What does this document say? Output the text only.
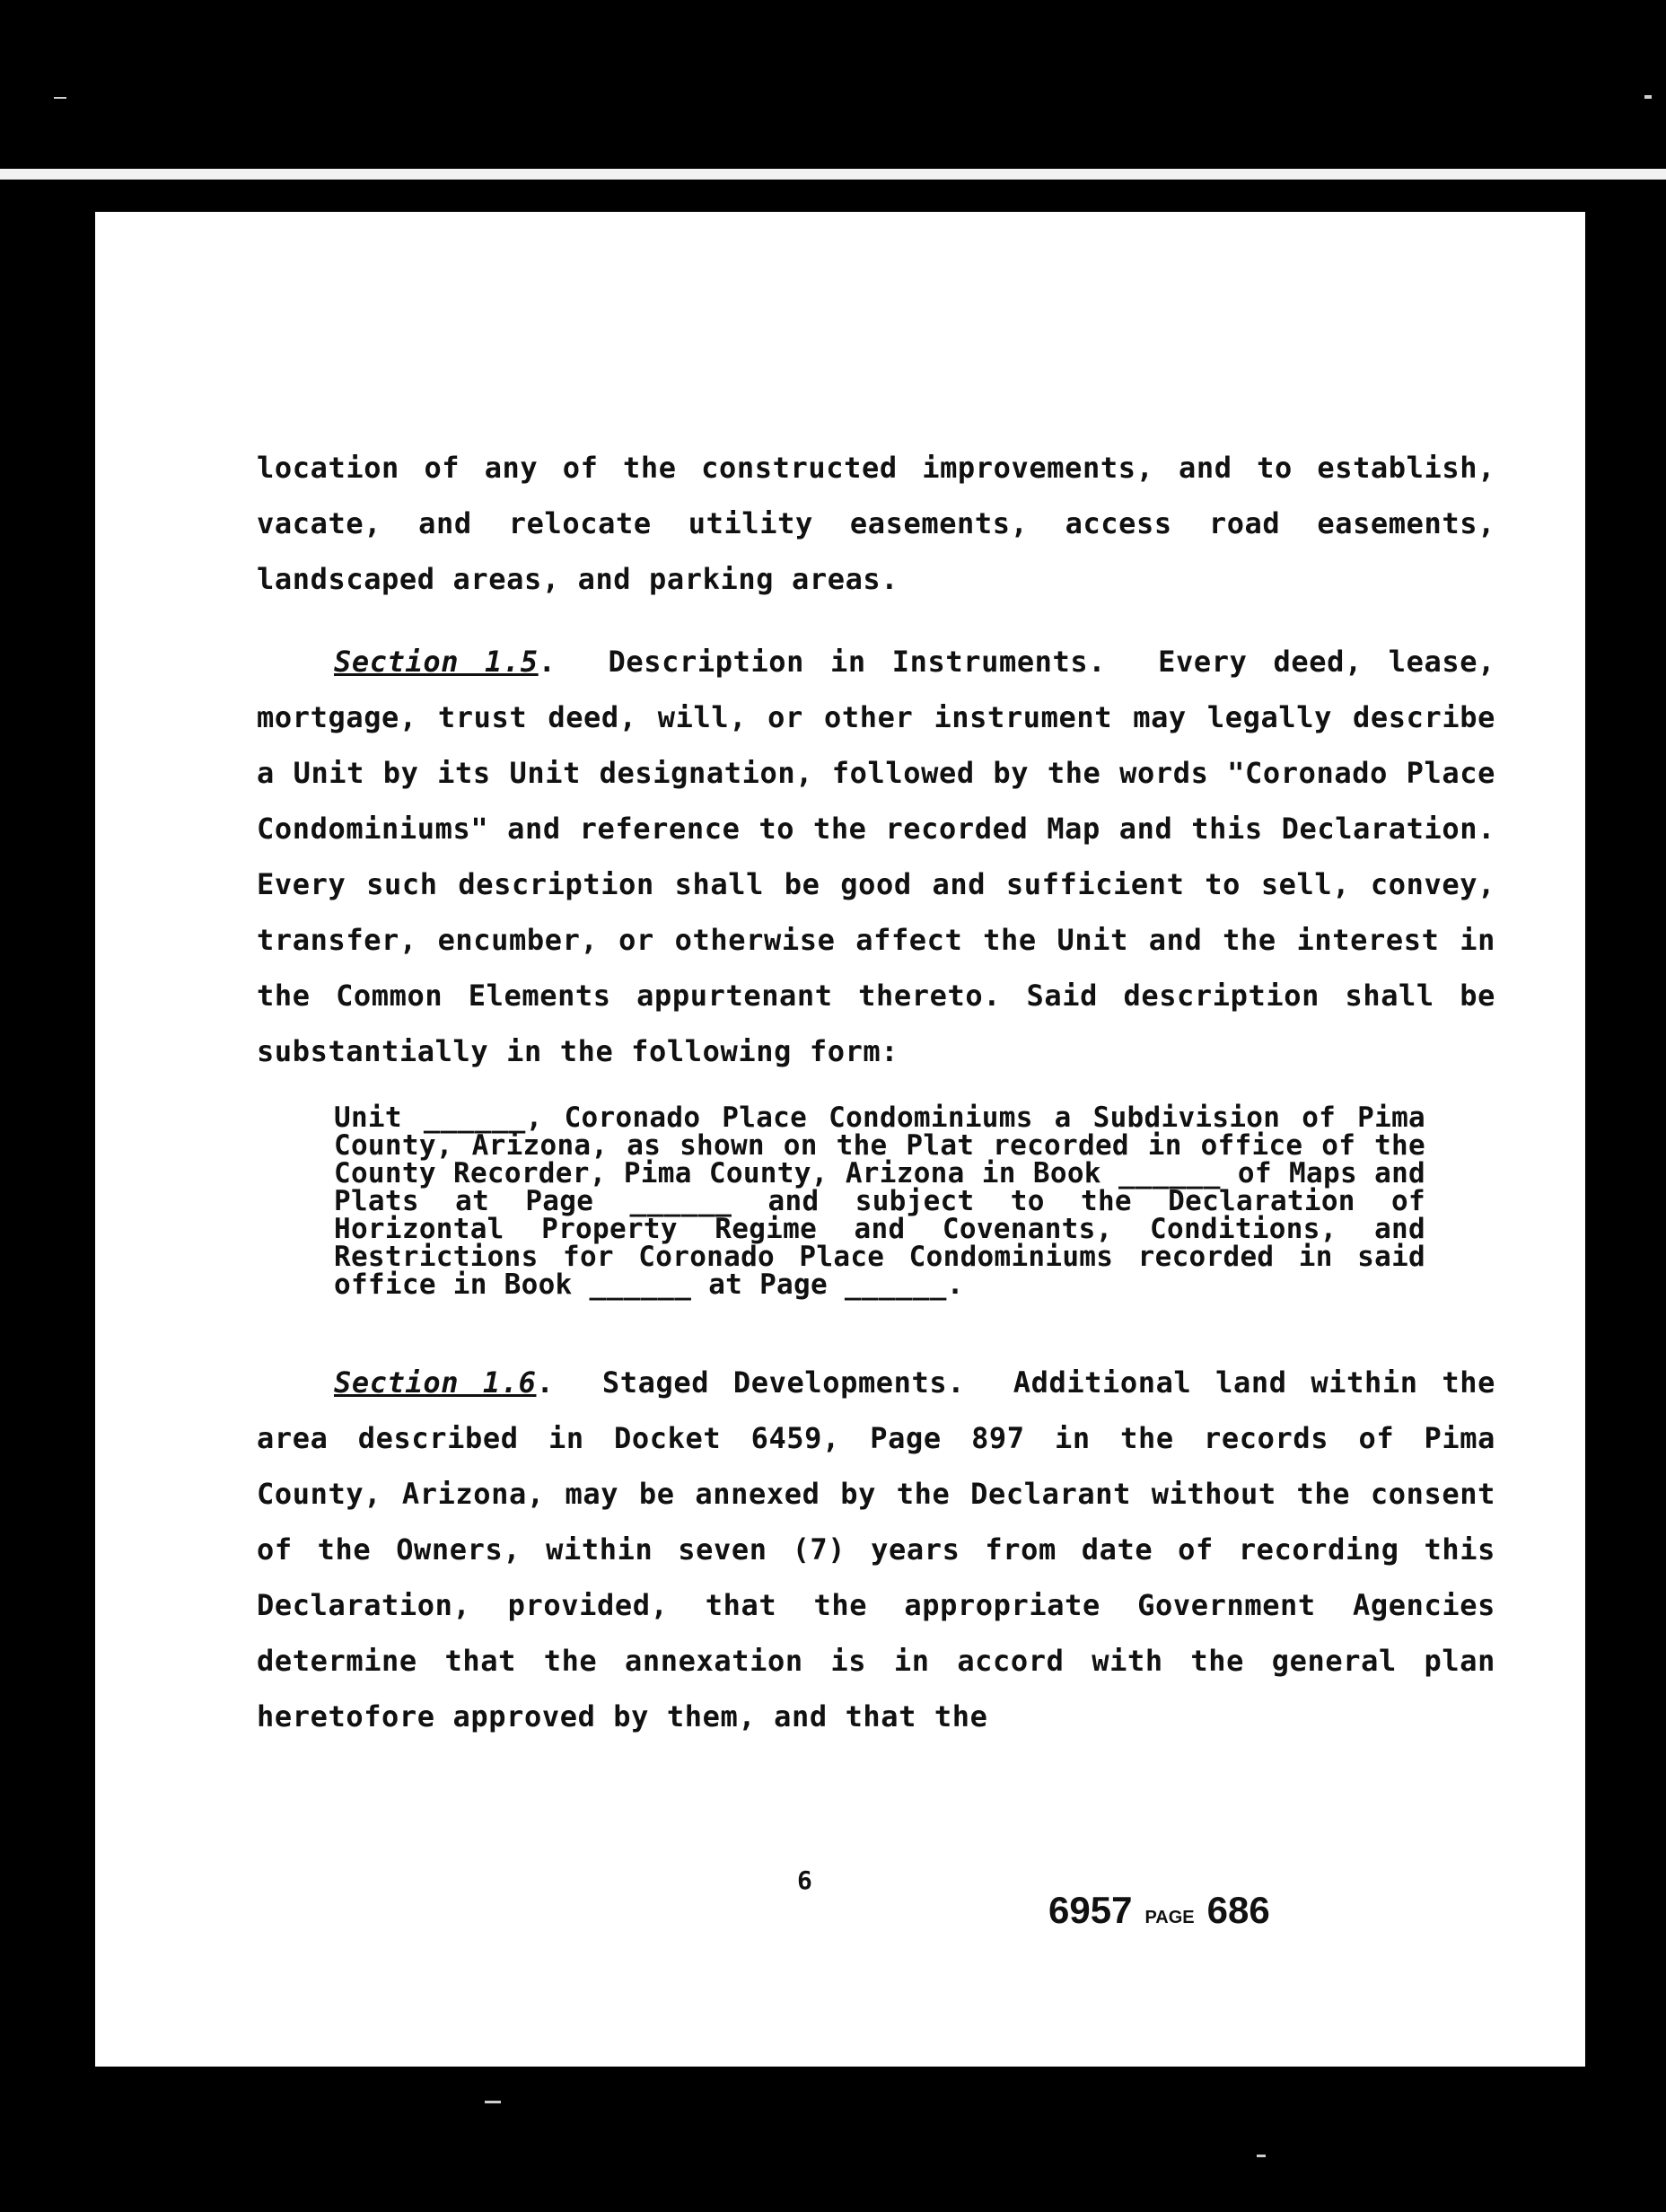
location of any of the constructed improvements, and to establish, vacate, and relocate utility easements, access road easements, landscaped areas, and parking areas.

Section 1.5.  Description in Instruments. Every deed, lease, mortgage, trust deed, will, or other instrument may legally describe a Unit by its Unit designation, followed by the words "Coronado Place Condominiums" and reference to the recorded Map and this Declaration. Every such description shall be good and sufficient to sell, convey, transfer, encumber, or otherwise affect the Unit and the interest in the Common Elements appurtenant thereto. Said description shall be substantially in the following form:

Unit ______, Coronado Place Condominiums a Subdivision of Pima County, Arizona, as shown on the Plat recorded in office of the County Recorder, Pima County, Arizona in Book ______ of Maps and Plats at Page ______ and subject to the Declaration of Horizontal Property Regime and Covenants, Conditions, and Restrictions for Coronado Place Condominiums recorded in said office in Book ______ at Page ______.

Section 1.6.  Staged Developments. Additional land within the area described in Docket 6459, Page 897 in the records of Pima County, Arizona, may be annexed by the Declarant without the consent of the Owners, within seven (7) years from date of recording this Declaration, provided, that the appropriate Government Agencies determine that the annexation is in accord with the general plan heretofore approved by them, and that the

6
6957 PAGE 686
